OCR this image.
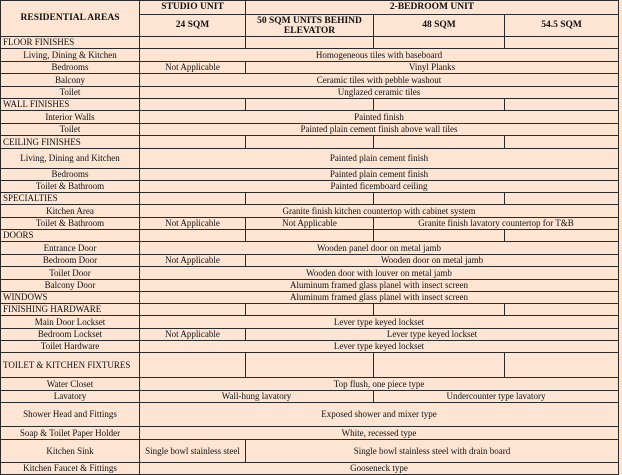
RESIDENTIAL AREAS	STUDIO UNIT	2-BEDROOM UNIT		
	24 SQM	50 SQM UNITS BEHIND ELEVATOR	48 SQM	54.5 SQM
FLOOR FINISHES				
Living, Dining & Kitchen	Homogeneous tiles with baseboard			
Bedrooms	Not Applicable	Vinyl Planks		
Balcony	Ceramic tiles with pebble washout			
Toilet	Unglazed ceramic tiles			
WALL FINISHES				
Interior Walls	Painted finish			
Toilet	Painted plain cement finish above wall tiles			
CEILING FINISHES				
Living, Dining and Kitchen	Painted plain cement finish			
Bedrooms	Painted plain cement finish			
Toilet & Bathroom	Painted ficemboard ceiling			
SPECIALTIES				
Kitchen Area	Granite finish kitchen countertop with cabinet system			
Toilet & Bathroom	Not Applicable	Not Applicable	Granite finish lavatory countertop for T&B	
DOORS				
Entrance Door	Wooden panel door on metal jamb			
Bedroom Door	Not Applicable	Wooden door on metal jamb		
Toilet Door	Wooden door with louver on metal jamb			
Balcony Door	Aluminum framed glass planel with insect screen			
WINDOWS	Aluminum framed glass planel with insect screen			
FINISHING HARDWARE				
Main Door Lockset	Lever type keyed lockset			
Bedroom Lockset	Not Applicable	Lever type keyed lockset		
Toilet Hardware	Lever type keyed lockset			
TOILET & KITCHEN FIXTURES				
Water Closet	Top flush, one piece type			
Lavatory	Wall-hung lavatory		Undercounter type lavatory	
Shower Head and Fittings	Exposed shower and mixer type			
Soap & Toilet Paper Holder	White, recessed type			
Kitchen Sink	Single bowl stainless steel	Single bowl stainless steel with drain board		
Kitchen Faucet & Fittings	Gooseneck type			
